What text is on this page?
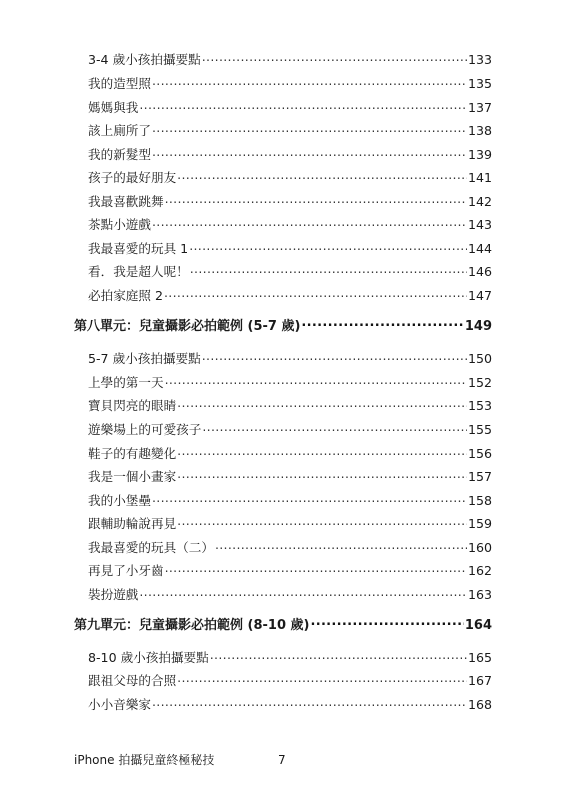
3-4 歲小孩拍攝要點 .....	133
我的造型照 .....	135
媽媽與我 .....	137
該上廁所了 .....	138
我的新髮型 .....	139
孩子的最好朋友 .....	141
我最喜歡跳舞 .....	142
茶點小遊戲 .....	143
我最喜愛的玩具 1 .....	144
看．我是超人呢！ .....	146
必拍家庭照 2 .....	147
第八單元：兒童攝影必拍範例 (5-7 歲) .....	149
5-7 歲小孩拍攝要點 .....	150
上學的第一天 .....	152
寶貝閃亮的眼睛 .....	153
遊樂場上的可愛孩子 .....	155
鞋子的有趣變化 .....	156
我是一個小畫家 .....	157
我的小堡壘 .....	158
跟輔助輪說再見 .....	159
我最喜愛的玩具（二） .....	160
再見了小牙齒 .....	162
裝扮遊戲 .....	163
第九單元：兒童攝影必拍範例 (8-10 歲) .....	164
8-10 歲小孩拍攝要點 .....	165
跟祖父母的合照 .....	167
小小音樂家 .....	168
iPhone 拍攝兒童終極秘技	7
